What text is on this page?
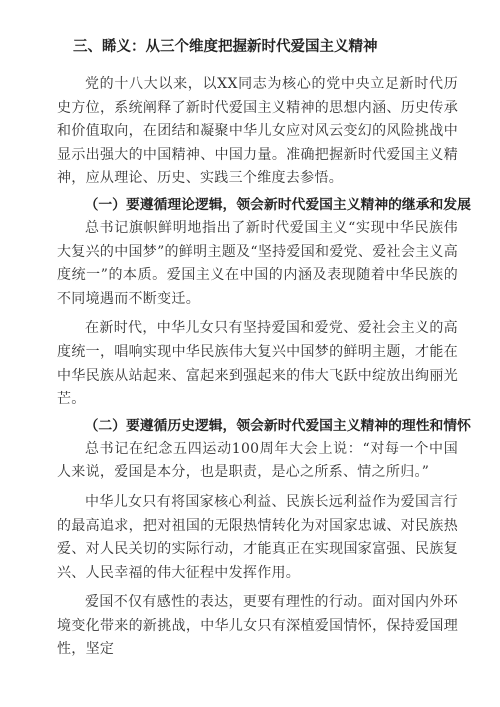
三、睎义：从三个维度把握新时代爱国主义精神

党的十八大以来，以XX同志为核心的党中央立足新时代历史方位，系统阐释了新时代爱国主义精神的思想内涵、历史传承和价值取向，在团结和凝聚中华儿女应对风云变幻的风险挑战中显示出强大的中国精神、中国力量。准确把握新时代爱国主义精神，应从理论、历史、实践三个维度去参悟。

（一）要遵循理论逻辑，领会新时代爱国主义精神的继承和发展

总书记旗帜鲜明地指出了新时代爱国主义“实现中华民族伟大复兴的中国梦”的鲜明主题及“坚持爱国和爱党、爱社会主义高度统一”的本质。爱国主义在中国的内涵及表现随着中华民族的不同境遇而不断变迁。

在新时代，中华儿女只有坚持爱国和爱党、爱社会主义的高度统一，唱响实现中华民族伟大复兴中国梦的鲜明主题，才能在中华民族从站起来、富起来到强起来的伟大飞跃中绽放出绚丽光芒。

（二）要遵循历史逻辑，领会新时代爱国主义精神的理性和情怀

总书记在纪念五四运动100周年大会上说：“对每一个中国人来说，爱国是本分，也是职责，是心之所系、情之所归。”

中华儿女只有将国家核心利益、民族长远利益作为爱国言行的最高追求，把对祖国的无限热情转化为对国家忠诚、对民族热爱、对人民关切的实际行动，才能真正在实现国家富强、民族复兴、人民幸福的伟大征程中发挥作用。

爱国不仅有感性的表达，更要有理性的行动。面对国内外环境变化带来的新挑战，中华儿女只有深植爱国情怀，保持爱国理性，坚定
